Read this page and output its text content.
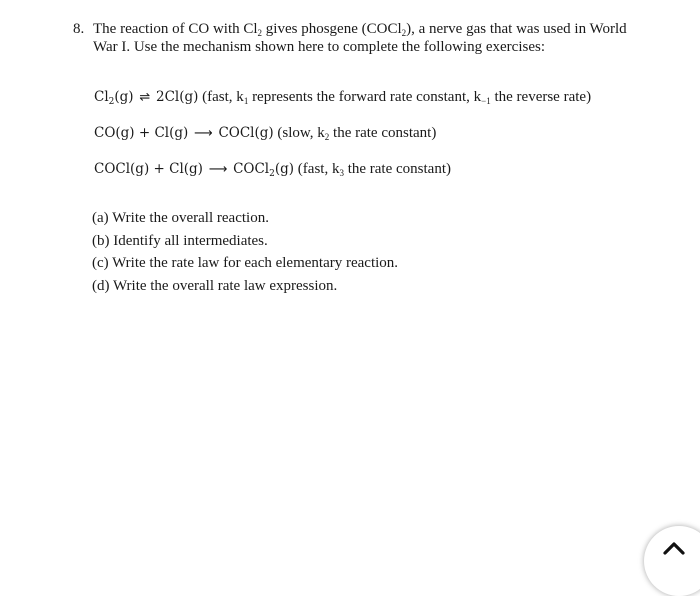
8. The reaction of CO with $Cl_2$ gives phosgene (COCl$_2$), a nerve gas that was used in World War I. Use the mechanism shown here to complete the following exercises:
$Cl_2(g)$ ⇌ 2Cl(g) (fast, $k_1$ represents the forward rate constant, $k_{-1}$ the reverse rate)
CO(g) + Cl(g) ⟶ COCl(g) (slow, $k_2$ the rate constant)
COCl(g) + Cl(g) ⟶ COCl$_2$(g) (fast, $k_3$ the rate constant)
(a) Write the overall reaction.
(b) Identify all intermediates.
(c) Write the rate law for each elementary reaction.
(d) Write the overall rate law expression.
